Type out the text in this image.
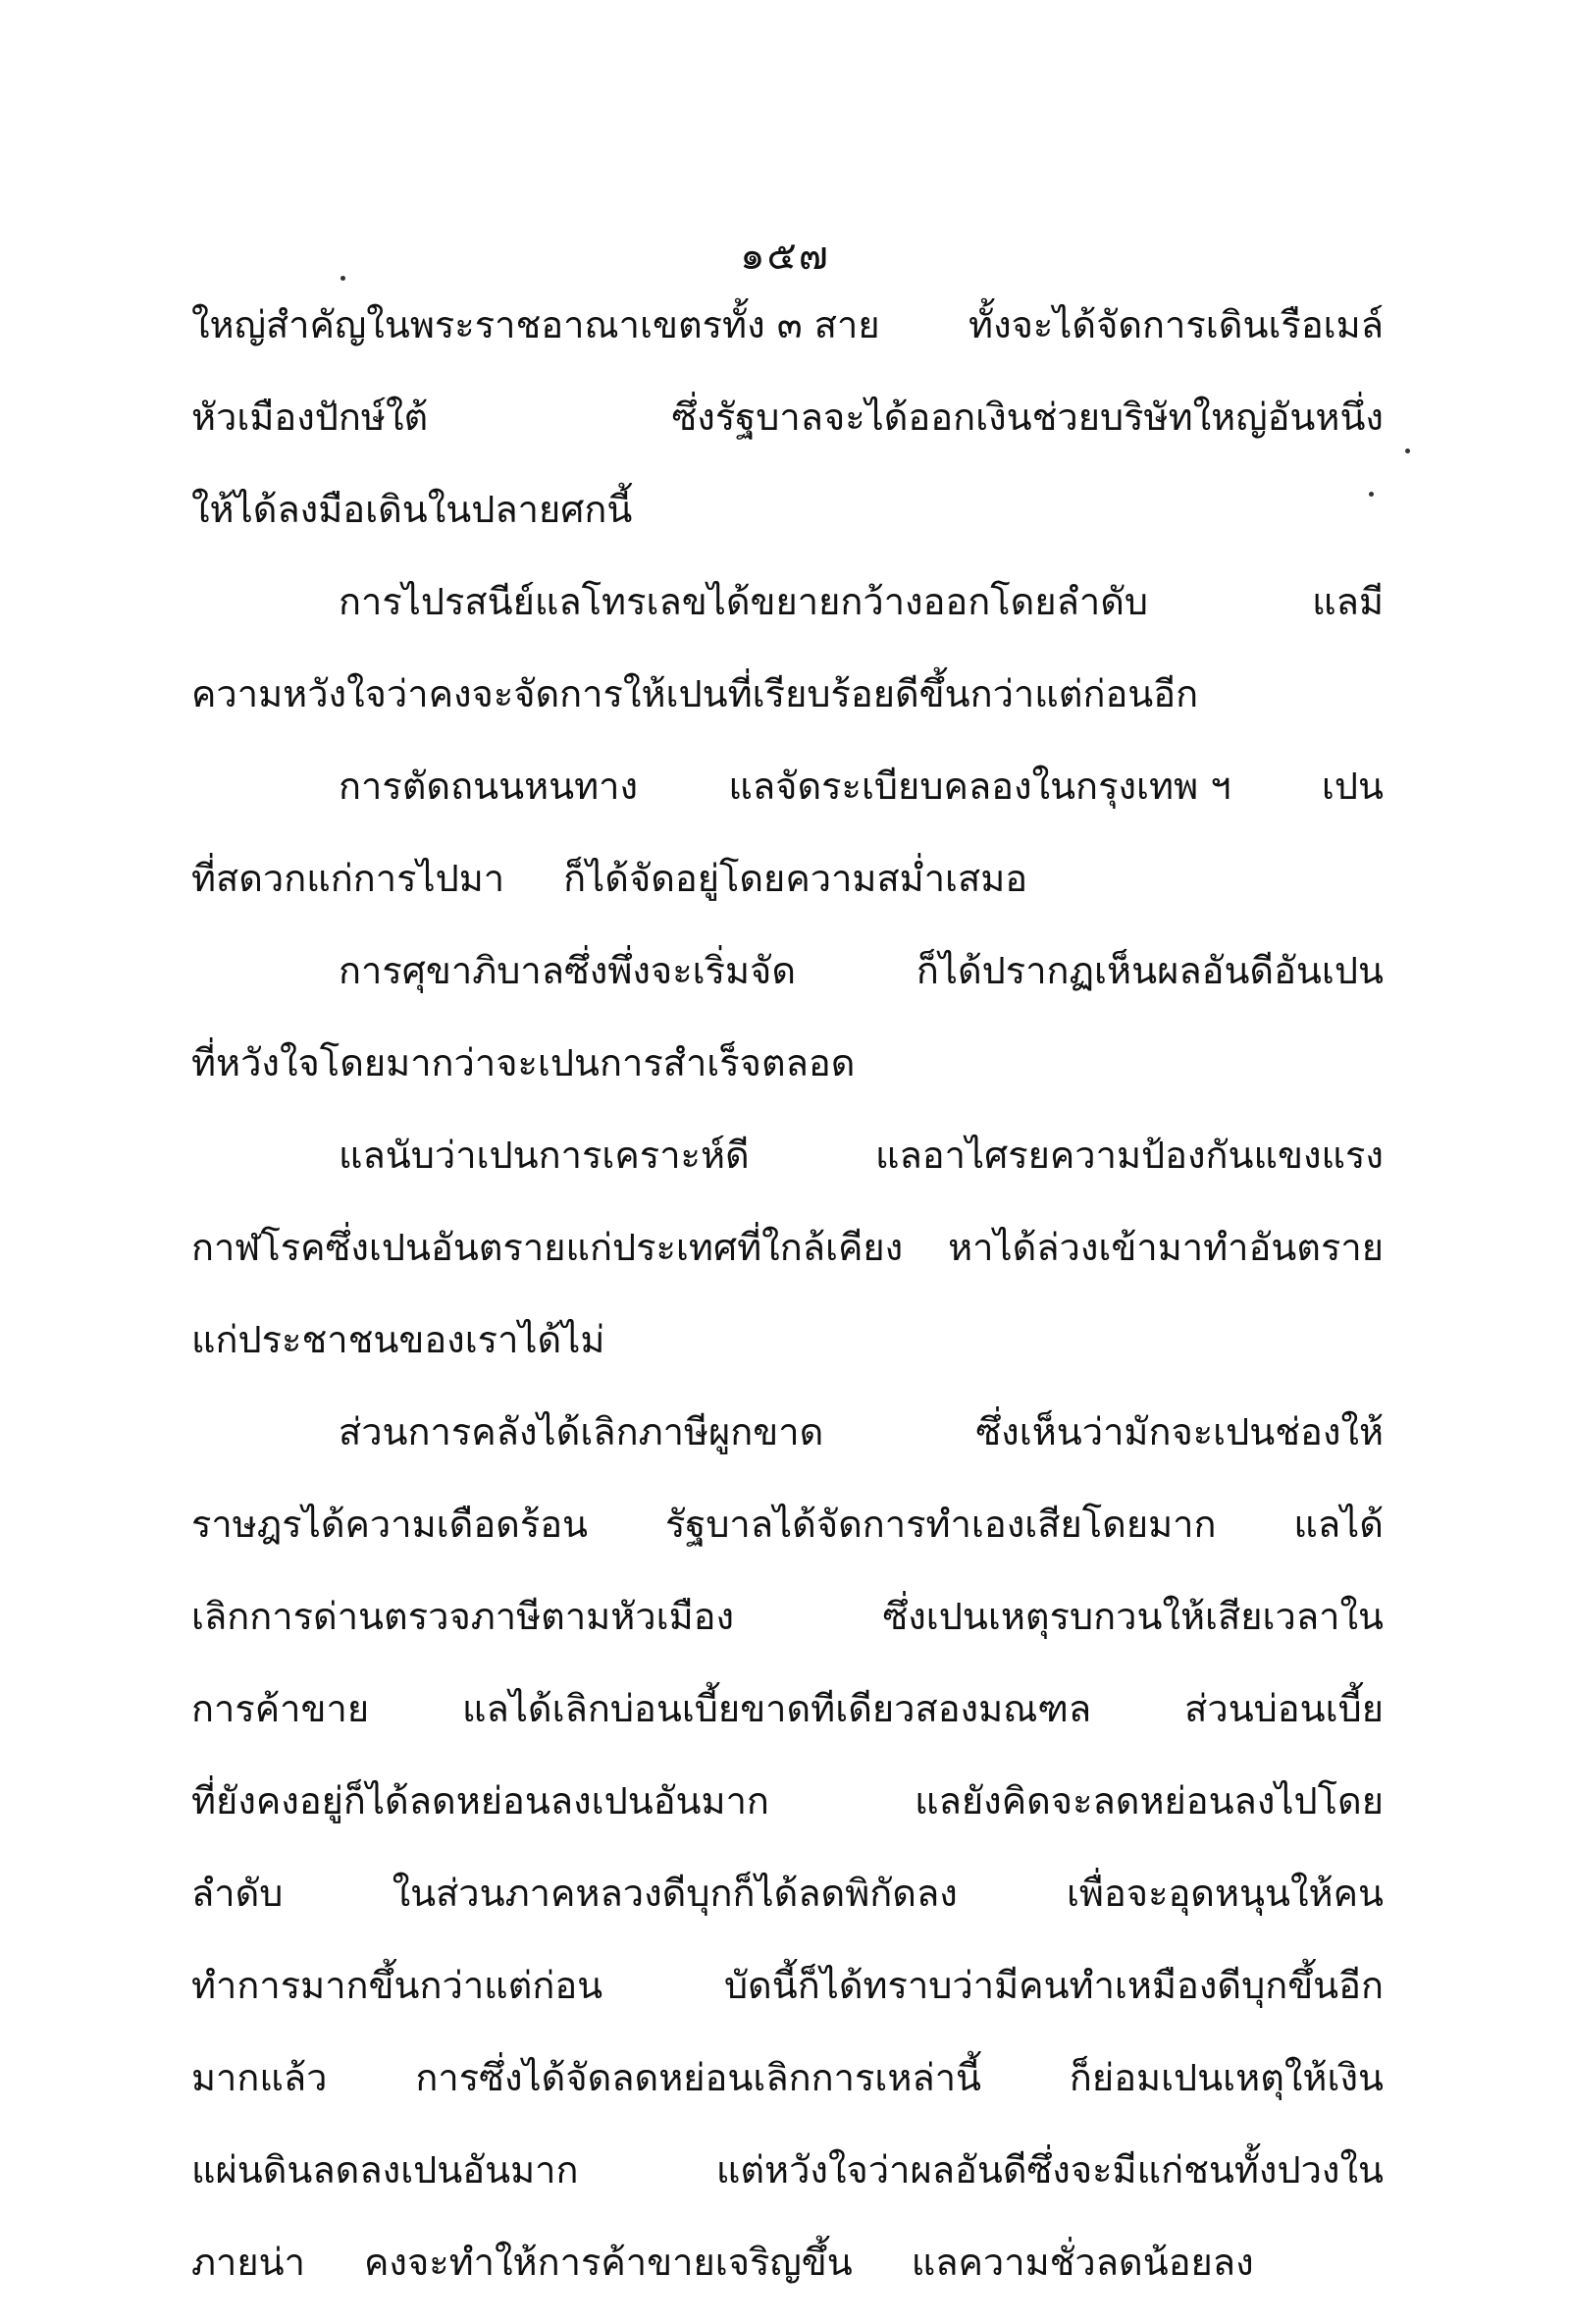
๑๕๗
ใหญ่สำคัญในพระราชอาณาเขตรทั้ง ๓ สาย ทั้งจะได้จัดการเดินเรือเมล์
หัวเมืองปักษ์ใต้	ซึ่งรัฐบาลจะได้ออกเงินช่วยบริษัทใหญ่อันหนึ่ง
ให้ได้ลงมือเดินในปลายศกนี้
การไปรสนีย์แลโทรเลขได้ขยายกว้างออกโดยลำดับ	แลมี
ความหวังใจว่าคงจะจัดการให้เปนที่เรียบร้อยดีขึ้นกว่าแต่ก่อนอีก
การตัดถนนหนทาง แลจัดระเบียบคลองในกรุงเทพ ฯ เปน
ที่สดวกแก่การไปมา ก็ได้จัดอยู่โดยความสม่ำเสมอ
การศุขาภิบาลซึ่งพึ่งจะเริ่มจัด	ก็ได้ปรากฏเห็นผลอันดีอันเปน
ที่หวังใจโดยมากว่าจะเปนการสำเร็จตลอด
แลนับว่าเปนการเคราะห์ดี	แลอาไศรยความป้องกันแขงแรง
กาฬโรคซึ่งเปนอันตรายแก่ประเทศที่ใกล้เคียง หาได้ล่วงเข้ามาทำอันตราย
แก่ประชาชนของเราได้ไม่
ส่วนการคลังได้เลิกภาษีผูกขาด	ซึ่งเห็นว่ามักจะเปนช่องให้
ราษฎรได้ความเดือดร้อน รัฐบาลได้จัดการทำเองเสียโดยมาก แลได้
เลิกการด่านตรวจภาษีตามหัวเมือง	ซึ่งเปนเหตุรบกวนให้เสียเวลาใน
การค้าขาย แลได้เลิกบ่อนเบี้ยขาดทีเดียวสองมณฑล ส่วนบ่อนเบี้ย
ที่ยังคงอยู่ก็ได้ลดหย่อนลงเปนอันมาก	แลยังคิดจะลดหย่อนลงไปโดย
ลำดับ	ในส่วนภาคหลวงดีบุกก็ได้ลดพิกัดลง	เพื่อจะอุดหนุนให้คน
ทำการมากขึ้นกว่าแต่ก่อน	บัดนี้ก็ได้ทราบว่ามีคนทำเหมืองดีบุกขึ้นอีก
มากแล้ว การซึ่งได้จัดลดหย่อนเลิกการเหล่านี้ ก็ย่อมเปนเหตุให้เงิน
แผ่นดินลดลงเปนอันมาก	แต่หวังใจว่าผลอันดีซึ่งจะมีแก่ชนทั้งปวงใน
ภายน่า คงจะทำให้การค้าขายเจริญขึ้น แลความชั่วลดน้อยลง
